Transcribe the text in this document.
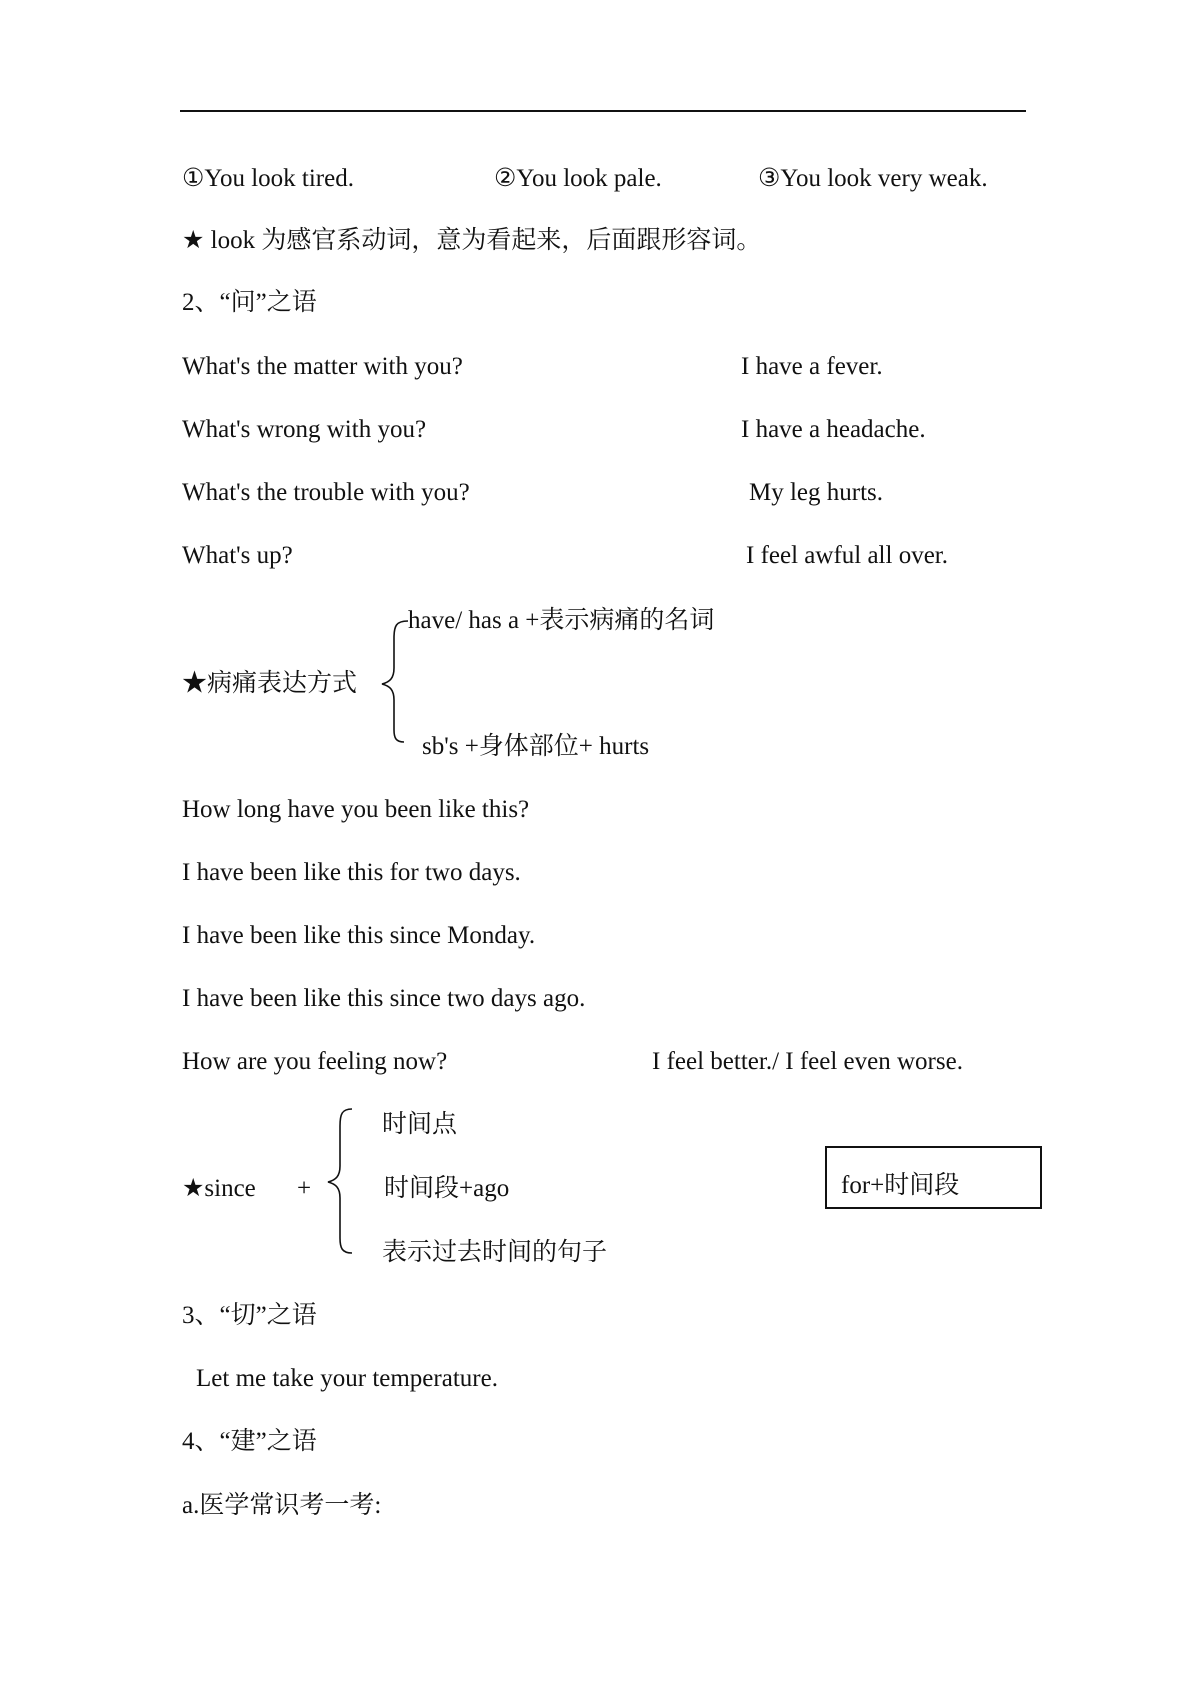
①You look tired.	②You look pale.	③You look very weak.
★ look 为感官系动词，意为看起来，后面跟形容词。
2、“问”之语
What's the matter with you?	I have a fever.
What's wrong with you?	I have a headache.
What's the trouble with you?	My leg hurts.
What's up?	I feel awful all over.
have/ has a +表示病痛的名词
★病痛表达方式
sb's +身体部位+ hurts
How long have you been like this?
I have been like this for two days.
I have been like this since Monday.
I have been like this since two days ago.
How are you feeling now?	I feel better./ I feel even worse.
时间点
★since +	时间段+ago
表示过去时间的句子
for+时间段
3、“切”之语
Let me take your temperature.
4、“建”之语
a.医学常识考一考:
